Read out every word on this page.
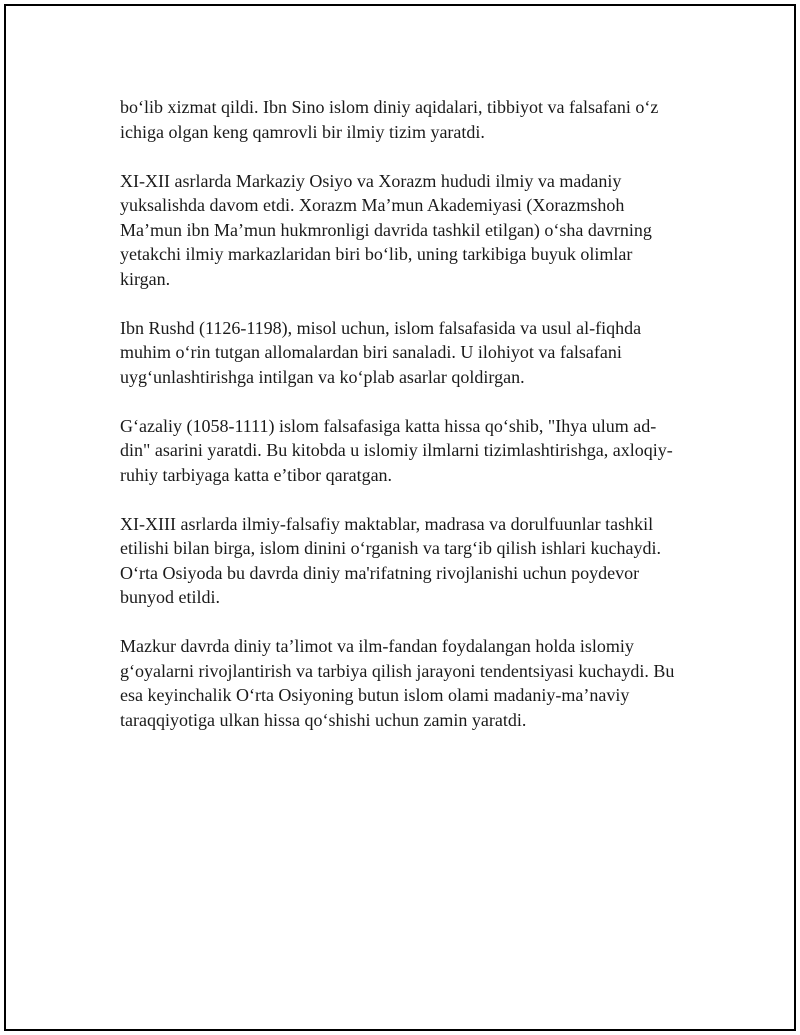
bo‘lib xizmat qildi. Ibn Sino islom diniy aqidalari, tibbiyot va falsafani o‘z
ichiga olgan keng qamrovli bir ilmiy tizim yaratdi.

XI-XII asrlarda Markaziy Osiyo va Xorazm hududi ilmiy va madaniy
yuksalishda davom etdi. Xorazm Ma’mun Akademiyasi (Xorazmshoh
Ma’mun ibn Ma’mun hukmronligi davrida tashkil etilgan) o‘sha davrning
yetakchi ilmiy markazlaridan biri bo‘lib, uning tarkibiga buyuk olimlar
kirgan.

Ibn Rushd (1126-1198), misol uchun, islom falsafasida va usul al-fiqhda
muhim o‘rin tutgan allomalardan biri sanaladi. U ilohiyot va falsafani
uyg‘unlashtirishga intilgan va ko‘plab asarlar qoldirgan.

G‘azaliy (1058-1111) islom falsafasiga katta hissa qo‘shib, "Ihya ulum ad-
din" asarini yaratdi. Bu kitobda u islomiy ilmlarni tizimlashtirishga, axloqiy-
ruhiy tarbiyaga katta e’tibor qaratgan.

XI-XIII asrlarda ilmiy-falsafiy maktablar, madrasa va dorulfuunlar tashkil
etilishi bilan birga, islom dinini o‘rganish va targ‘ib qilish ishlari kuchaydi.
O‘rta Osiyoda bu davrda diniy ma'rifatning rivojlanishi uchun poydevor
bunyod etildi.

Mazkur davrda diniy ta’limot va ilm-fandan foydalangan holda islomiy
g‘oyalarni rivojlantirish va tarbiya qilish jarayoni tendentsiyasi kuchaydi. Bu
esa keyinchalik O‘rta Osiyoning butun islom olami madaniy-ma’naviy
taraqqiyotiga ulkan hissa qo‘shishi uchun zamin yaratdi.
